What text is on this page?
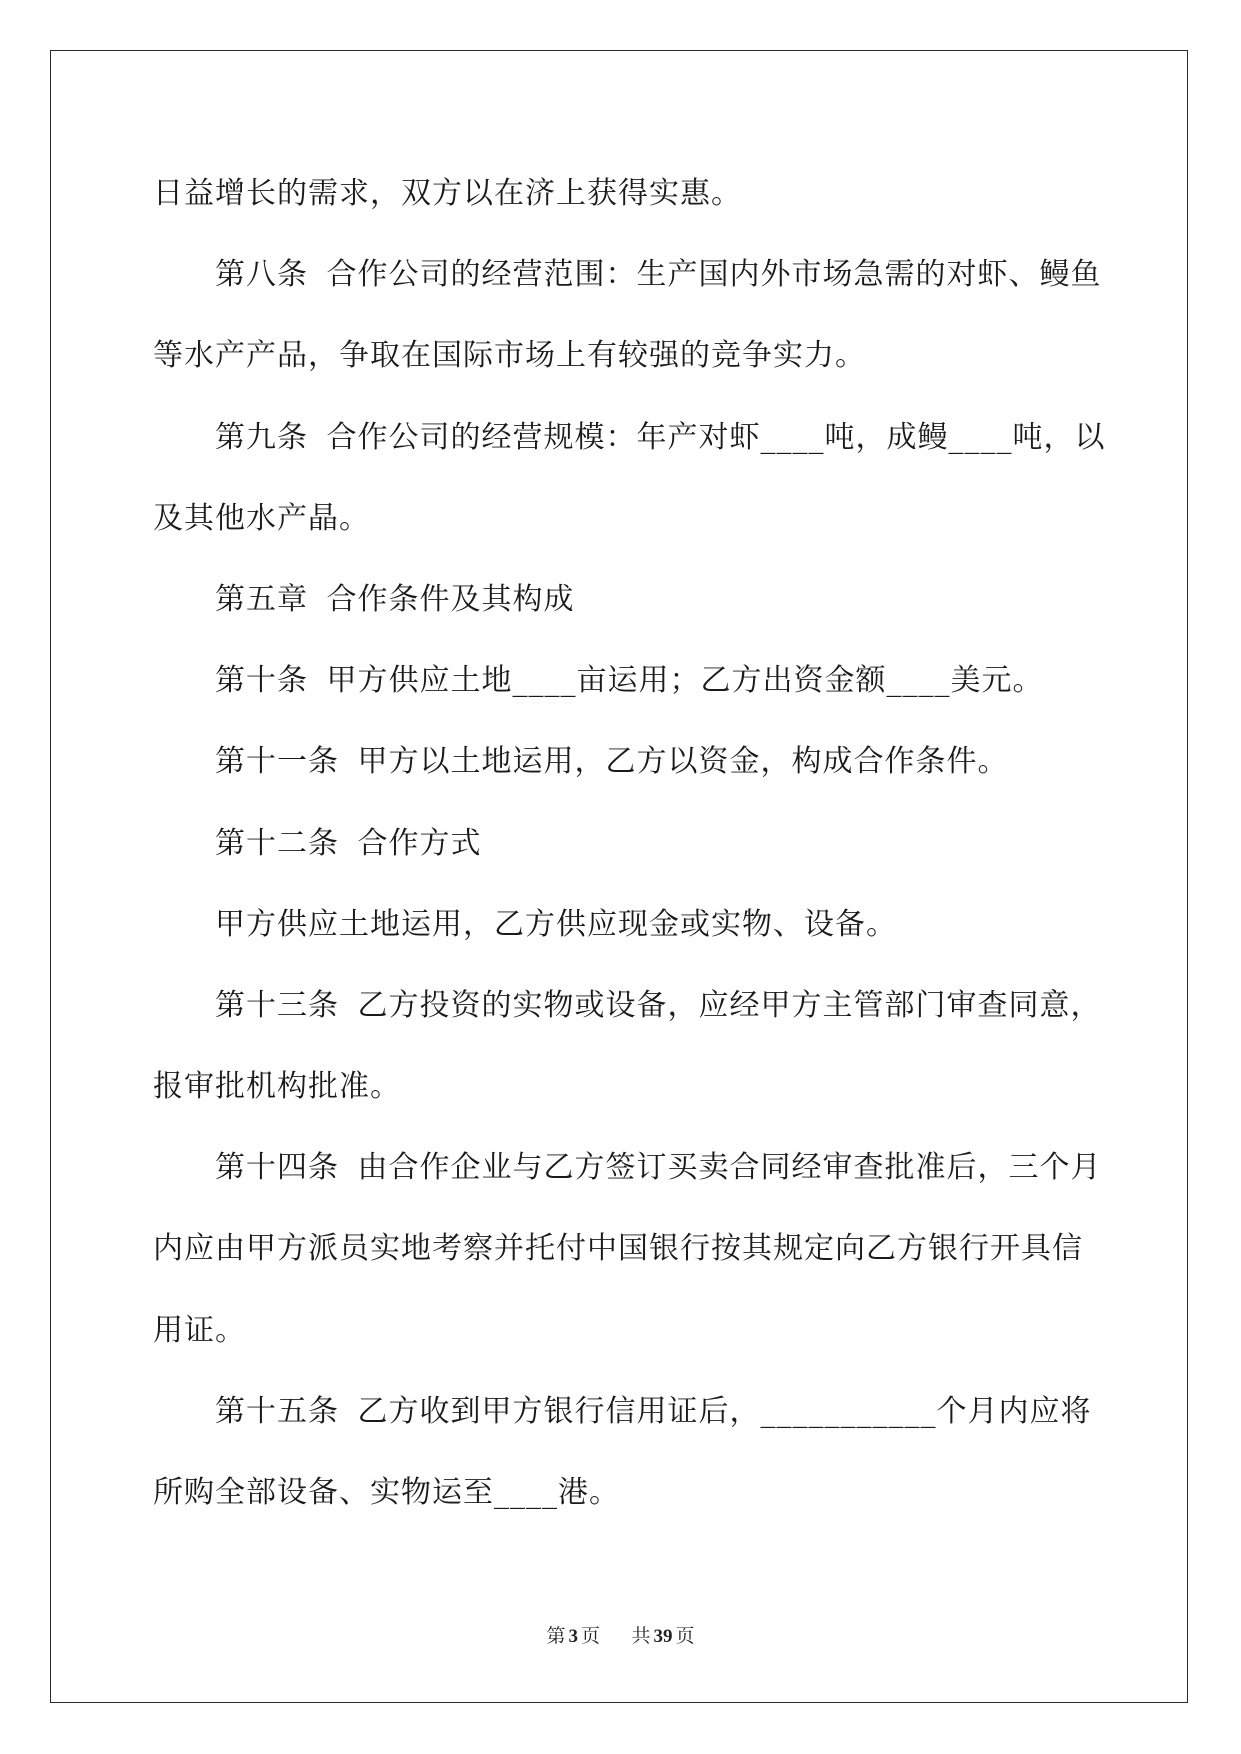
日益增长的需求，双方以在济上获得实惠。
第八条 合作公司的经营范围：生产国内外市场急需的对虾、鳗鱼
等水产产品，争取在国际市场上有较强的竞争实力。
第九条 合作公司的经营规模：年产对虾____吨，成鳗____吨，以
及其他水产晶。
第五章 合作条件及其构成
第十条 甲方供应土地____亩运用；乙方出资金额____美元。
第十一条 甲方以土地运用，乙方以资金，构成合作条件。
第十二条 合作方式
甲方供应土地运用，乙方供应现金或实物、设备。
第十三条 乙方投资的实物或设备，应经甲方主管部门审查同意，
报审批机构批准。
第十四条 由合作企业与乙方签订买卖合同经审查批准后，三个月
内应由甲方派员实地考察并托付中国银行按其规定向乙方银行开具信
用证。
第十五条 乙方收到甲方银行信用证后，___________个月内应将
所购全部设备、实物运至____港。
第 3 页 共 39 页
